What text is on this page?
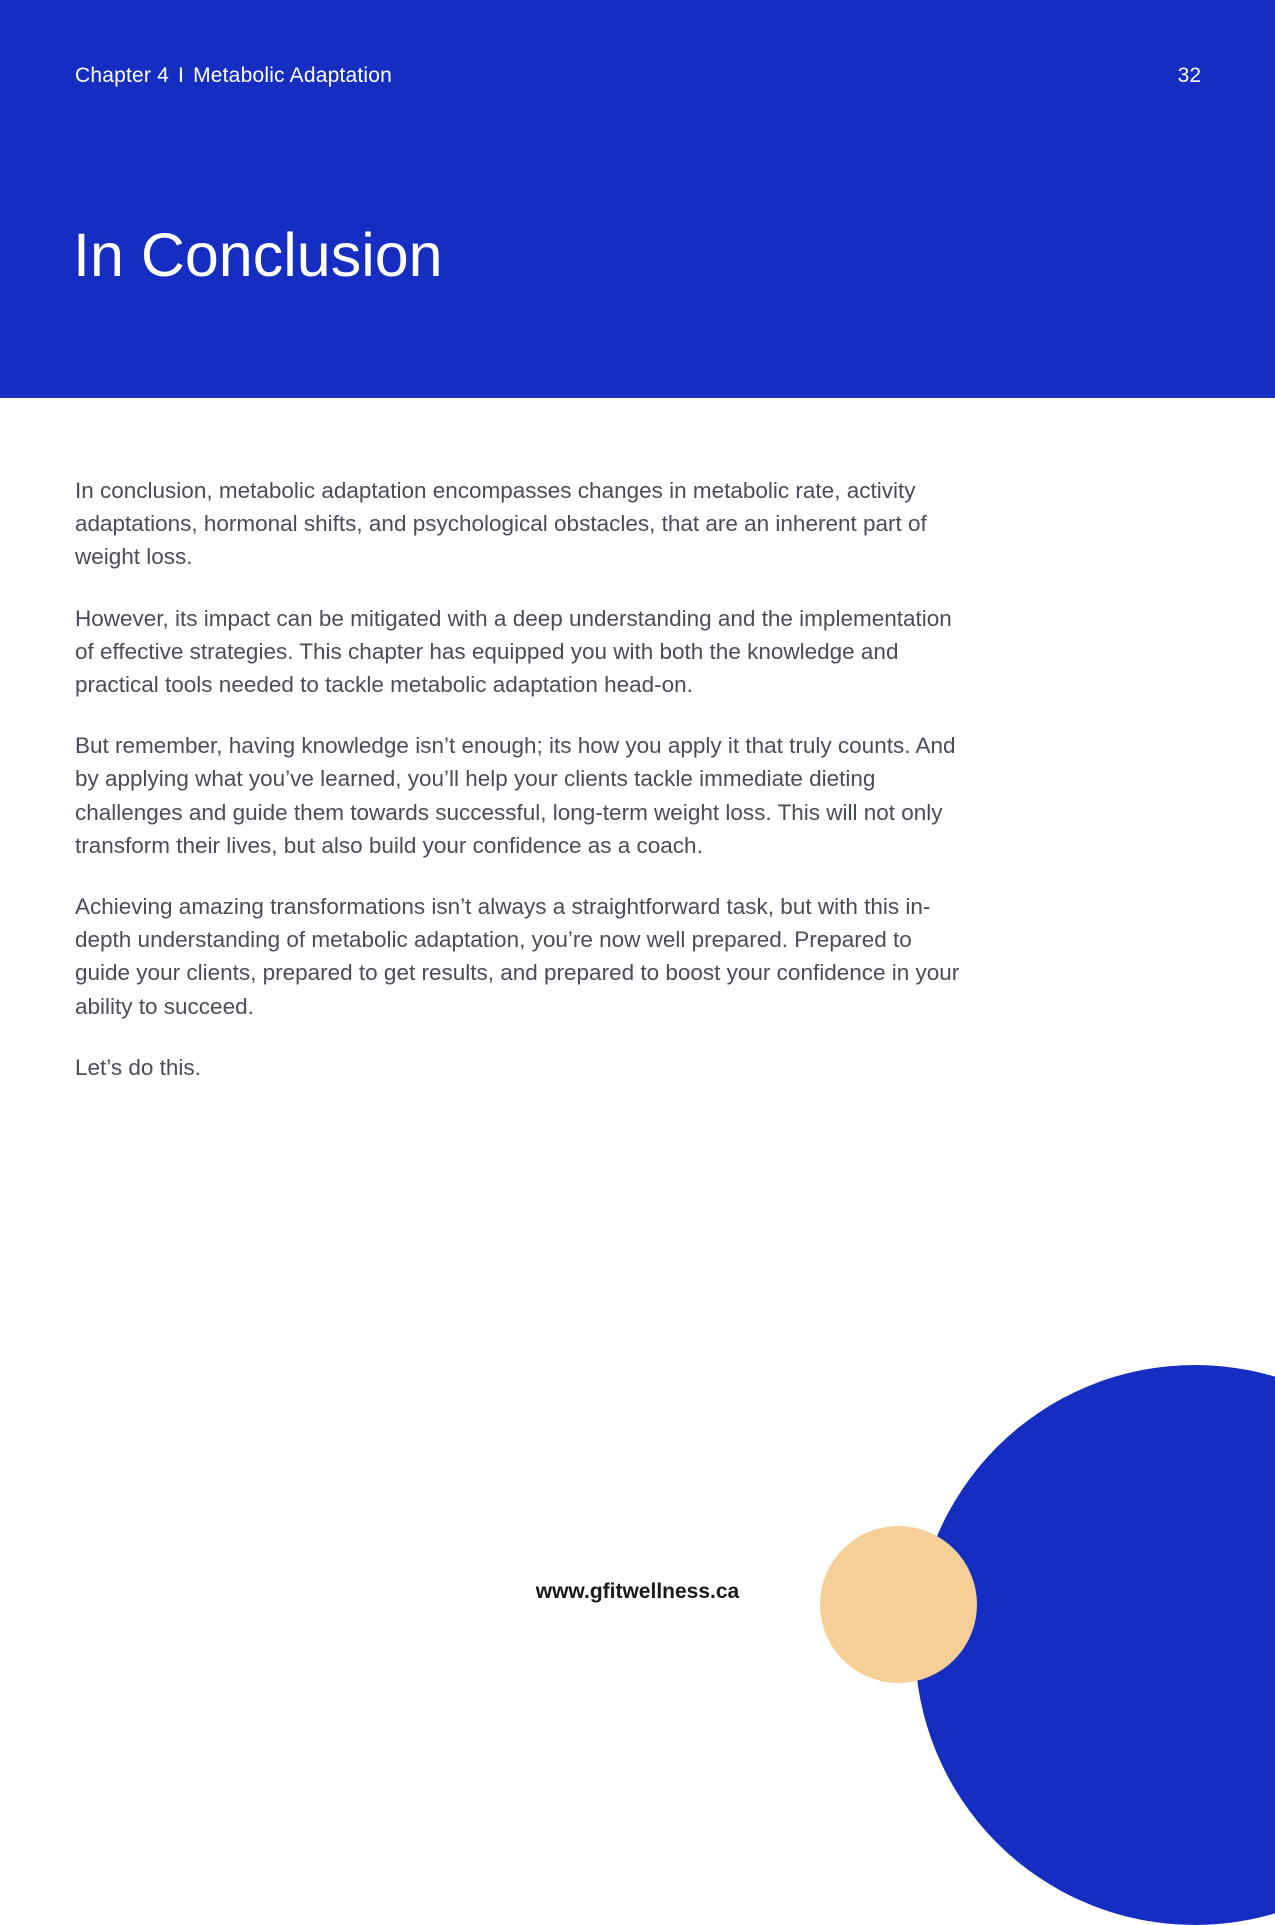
Chapter 4 I Metabolic Adaptation	32
In Conclusion

In conclusion, metabolic adaptation encompasses changes in metabolic rate, activity adaptations, hormonal shifts, and psychological obstacles, that are an inherent part of weight loss.

However, its impact can be mitigated with a deep understanding and the implementation of effective strategies. This chapter has equipped you with both the knowledge and practical tools needed to tackle metabolic adaptation head-on.

But remember, having knowledge isn’t enough; its how you apply it that truly counts. And by applying what you’ve learned, you’ll help your clients tackle immediate dieting challenges and guide them towards successful, long-term weight loss. This will not only transform their lives, but also build your confidence as a coach.

Achieving amazing transformations isn’t always a straightforward task, but with this in-depth understanding of metabolic adaptation, you’re now well prepared. Prepared to guide your clients, prepared to get results, and prepared to boost your confidence in your ability to succeed.

Let’s do this.

www.gfitwellness.ca
